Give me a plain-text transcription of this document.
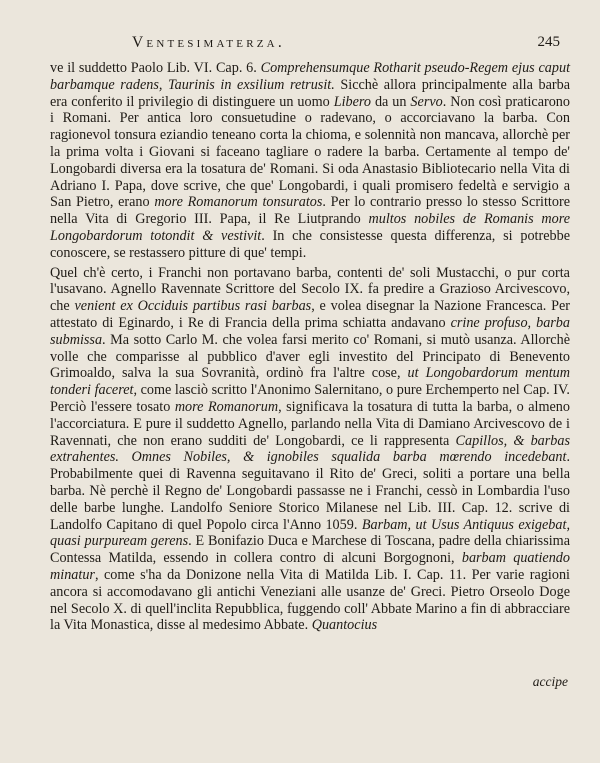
Ventesimaterza.	245

ve il suddetto Paolo Lib. VI. Cap. 6. Comprehensumque Rotharit pseudo-Regem ejus caput barbamque radens, Taurinis in exsilium retrusit. Sicchè allora principalmente alla barba era conferito il privilegio di distinguere un uomo Libero da un Servo. Non così praticarono i Romani. Per antica loro consuetudine o radevano, o accorciavano la barba. Con ragionevol tonsura eziandio teneano corta la chioma, e solennità non mancava, allorchè per la prima volta i Giovani si faceano tagliare o radere la barba. Certamente al tempo de' Longobardi diversa era la tosatura de' Romani. Si oda Anastasio Bibliotecario nella Vita di Adriano I. Papa, dove scrive, che que' Longobardi, i quali promisero fedeltà e servigio a San Pietro, erano more Romanorum tonsuratos. Per lo contrario presso lo stesso Scrittore nella Vita di Gregorio III. Papa, il Re Liutprando multos nobiles de Romanis more Longobardorum totondit & vestivit. In che consistesse questa differenza, si potrebbe conoscere, se restassero pitture di que' tempi.

Quel ch'è certo, i Franchi non portavano barba, contenti de' soli Mustacchi, o pur corta l'usavano. Agnello Ravennate Scrittore del Secolo IX. fa predire a Grazioso Arcivescovo, che venient ex Occiduis partibus rasi barbas, e volea disegnar la Nazione Francesca. Per attestato di Eginardo, i Re di Francia della prima schiatta andavano crine profuso, barba submissa. Ma sotto Carlo M. che volea farsi merito co' Romani, si mutò usanza. Allorchè volle che comparisse al pubblico d'aver egli investito del Principato di Benevento Grimoaldo, salva la sua Sovranità, ordinò fra l'altre cose, ut Longobardorum mentum tonderi faceret, come lasciò scritto l'Anonimo Salernitano, o pure Erchemperto nel Cap. IV. Perciò l'essere tosato more Romanorum, significava la tosatura di tutta la barba, o almeno l'accorciatura. E pure il suddetto Agnello, parlando nella Vita di Damiano Arcivescovo de i Ravennati, che non erano sudditi de' Longobardi, ce li rappresenta Capillos, & barbas extrahentes. Omnes Nobiles, & ignobiles squalida barba mœrendo incedebant. Probabilmente quei di Ravenna seguitavano il Rito de' Greci, soliti a portare una bella barba. Nè perchè il Regno de' Longobardi passasse ne i Franchi, cessò in Lombardia l'uso delle barbe lunghe. Landolfo Seniore Storico Milanese nel Lib. III. Cap. 12. scrive di Landolfo Capitano di quel Popolo circa l'Anno 1059. Barbam, ut Usus Antiquus exigebat, quasi purpuream gerens. E Bonifazio Duca e Marchese di Toscana, padre della chiarissima Contessa Matilda, essendo in collera contro di alcuni Borgognoni, barbam quatiendo minatur, come s'ha da Donizone nella Vita di Matilda Lib. I. Cap. 11. Per varie ragioni ancora si accomodavano gli antichi Veneziani alle usanze de' Greci. Pietro Orseolo Doge nel Secolo X. di quell'inclita Repubblica, fuggendo coll' Abbate Marino a fin di abbracciare la Vita Monastica, disse al medesimo Abbate. Quantocius

accipe
